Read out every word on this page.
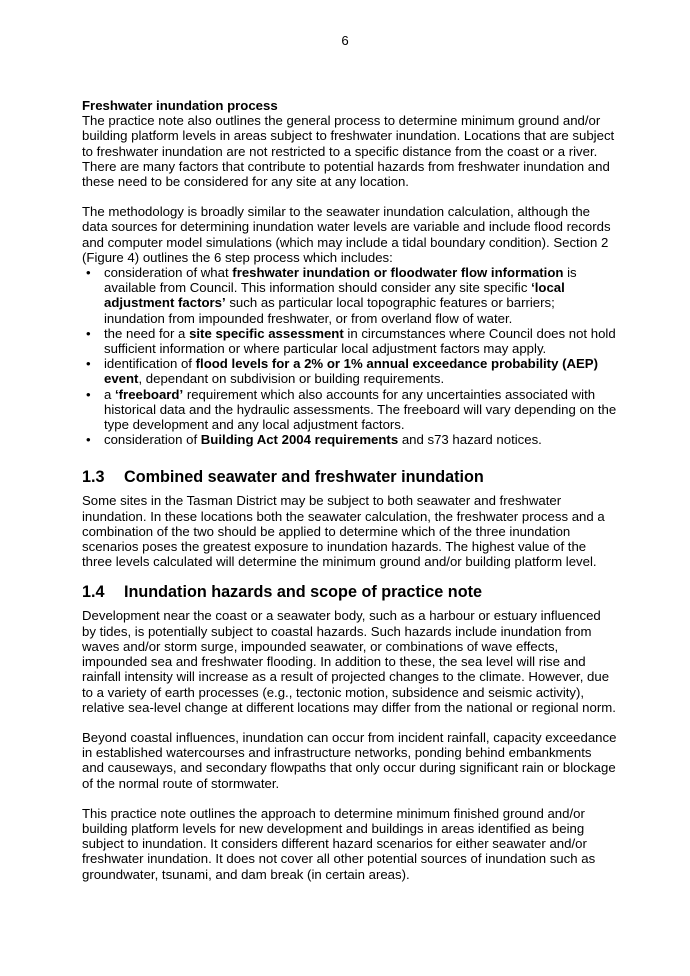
6

Freshwater inundation process

The practice note also outlines the general process to determine minimum ground and/or building platform levels in areas subject to freshwater inundation. Locations that are subject to freshwater inundation are not restricted to a specific distance from the coast or a river. There are many factors that contribute to potential hazards from freshwater inundation and these need to be considered for any site at any location.

The methodology is broadly similar to the seawater inundation calculation, although the data sources for determining inundation water levels are variable and include flood records and computer model simulations (which may include a tidal boundary condition). Section 2 (Figure 4) outlines the 6 step process which includes:

• consideration of what freshwater inundation or floodwater flow information is available from Council. This information should consider any site specific ‘local adjustment factors’ such as particular local topographic features or barriers; inundation from impounded freshwater, or from overland flow of water.
• the need for a site specific assessment in circumstances where Council does not hold sufficient information or where particular local adjustment factors may apply.
• identification of flood levels for a 2% or 1% annual exceedance probability (AEP) event, dependant on subdivision or building requirements.
• a ‘freeboard’ requirement which also accounts for any uncertainties associated with historical data and the hydraulic assessments. The freeboard will vary depending on the type development and any local adjustment factors.
• consideration of Building Act 2004 requirements and s73 hazard notices.
1.3 Combined seawater and freshwater inundation

Some sites in the Tasman District may be subject to both seawater and freshwater inundation. In these locations both the seawater calculation, the freshwater process and a combination of the two should be applied to determine which of the three inundation scenarios poses the greatest exposure to inundation hazards. The highest value of the three levels calculated will determine the minimum ground and/or building platform level.

1.4 Inundation hazards and scope of practice note

Development near the coast or a seawater body, such as a harbour or estuary influenced by tides, is potentially subject to coastal hazards. Such hazards include inundation from waves and/or storm surge, impounded seawater, or combinations of wave effects, impounded sea and freshwater flooding. In addition to these, the sea level will rise and rainfall intensity will increase as a result of projected changes to the climate. However, due to a variety of earth processes (e.g., tectonic motion, subsidence and seismic activity), relative sea-level change at different locations may differ from the national or regional norm.

Beyond coastal influences, inundation can occur from incident rainfall, capacity exceedance in established watercourses and infrastructure networks, ponding behind embankments and causeways, and secondary flowpaths that only occur during significant rain or blockage of the normal route of stormwater.

This practice note outlines the approach to determine minimum finished ground and/or building platform levels for new development and buildings in areas identified as being subject to inundation. It considers different hazard scenarios for either seawater and/or freshwater inundation. It does not cover all other potential sources of inundation such as groundwater, tsunami, and dam break (in certain areas).
